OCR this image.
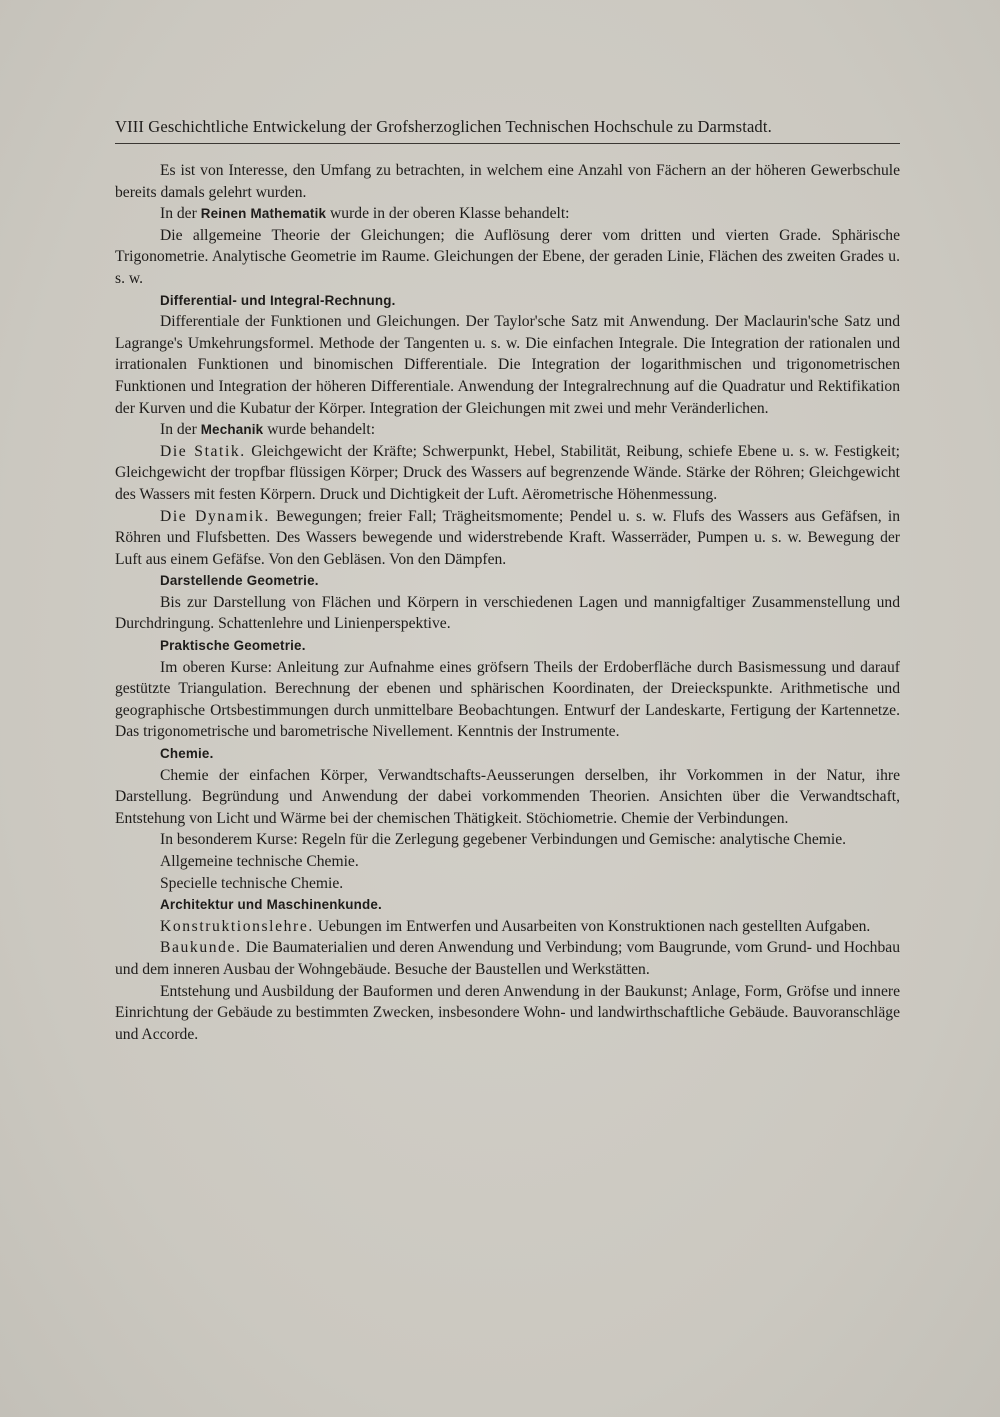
VIII Geschichtliche Entwickelung der Grofsherzoglichen Technischen Hochschule zu Darmstadt.

Es ist von Interesse, den Umfang zu betrachten, in welchem eine Anzahl von Fächern an der höheren Gewerbschule bereits damals gelehrt wurden.

In der Reinen Mathematik wurde in der oberen Klasse behandelt:

Die allgemeine Theorie der Gleichungen; die Auflösung derer vom dritten und vierten Grade. Sphärische Trigonometrie. Analytische Geometrie im Raume. Gleichungen der Ebene, der geraden Linie, Flächen des zweiten Grades u. s. w.

Differential- und Integral-Rechnung.

Differentiale der Funktionen und Gleichungen. Der Taylor'sche Satz mit Anwendung. Der Maclaurin'sche Satz und Lagrange's Umkehrungsformel. Methode der Tangenten u. s. w. Die einfachen Integrale. Die Integration der rationalen und irrationalen Funktionen und binomischen Differentiale. Die Integration der logarithmischen und trigonometrischen Funktionen und Integration der höheren Differentiale. Anwendung der Integralrechnung auf die Quadratur und Rektifikation der Kurven und die Kubatur der Körper. Integration der Gleichungen mit zwei und mehr Veränderlichen.

In der Mechanik wurde behandelt:

Die Statik. Gleichgewicht der Kräfte; Schwerpunkt, Hebel, Stabilität, Reibung, schiefe Ebene u. s. w. Festigkeit; Gleichgewicht der tropfbar flüssigen Körper; Druck des Wassers auf begrenzende Wände. Stärke der Röhren; Gleichgewicht des Wassers mit festen Körpern. Druck und Dichtigkeit der Luft. Aërometrische Höhenmessung.

Die Dynamik. Bewegungen; freier Fall; Trägheitsmomente; Pendel u. s. w. Flufs des Wassers aus Gefäfsen, in Röhren und Flufsbetten. Des Wassers bewegende und widerstrebende Kraft. Wasserräder, Pumpen u. s. w. Bewegung der Luft aus einem Gefäfse. Von den Gebläsen. Von den Dämpfen.

Darstellende Geometrie.

Bis zur Darstellung von Flächen und Körpern in verschiedenen Lagen und mannigfaltiger Zusammenstellung und Durchdringung. Schattenlehre und Linienperspektive.

Praktische Geometrie.

Im oberen Kurse: Anleitung zur Aufnahme eines gröfsern Theils der Erdoberfläche durch Basismessung und darauf gestützte Triangulation. Berechnung der ebenen und sphärischen Koordinaten, der Dreieckspunkte. Arithmetische und geographische Ortsbestimmungen durch unmittelbare Beobachtungen. Entwurf der Landeskarte, Fertigung der Kartennetze. Das trigonometrische und barometrische Nivellement. Kenntnis der Instrumente.

Chemie.

Chemie der einfachen Körper, Verwandtschafts-Aeusserungen derselben, ihr Vorkommen in der Natur, ihre Darstellung. Begründung und Anwendung der dabei vorkommenden Theorien. Ansichten über die Verwandtschaft, Entstehung von Licht und Wärme bei der chemischen Thätigkeit. Stöchiometrie. Chemie der Verbindungen.

In besonderem Kurse: Regeln für die Zerlegung gegebener Verbindungen und Gemische: analytische Chemie.

Allgemeine technische Chemie.

Specielle technische Chemie.

Architektur und Maschinenkunde.

Konstruktionslehre. Uebungen im Entwerfen und Ausarbeiten von Konstruktionen nach gestellten Aufgaben.

Baukunde. Die Baumaterialien und deren Anwendung und Verbindung; vom Baugrunde, vom Grund- und Hochbau und dem inneren Ausbau der Wohngebäude. Besuche der Baustellen und Werkstätten.

Entstehung und Ausbildung der Bauformen und deren Anwendung in der Baukunst; Anlage, Form, Gröfse und innere Einrichtung der Gebäude zu bestimmten Zwecken, insbesondere Wohn- und landwirthschaftliche Gebäude. Bauvoranschläge und Accorde.
